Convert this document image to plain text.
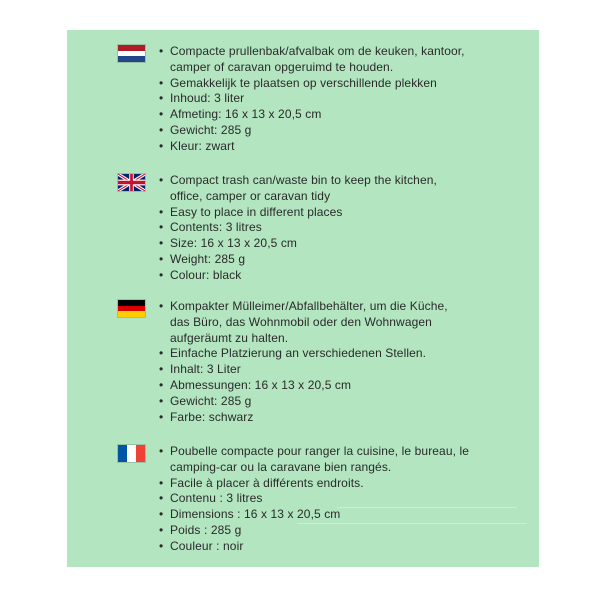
• Compacte prullenbak/afvalbak om de keuken, kantoor,
camper of caravan opgeruimd te houden.
• Gemakkelijk te plaatsen op verschillende plekken
• Inhoud: 3 liter
• Afmeting: 16 x 13 x 20,5 cm
• Gewicht: 285 g
• Kleur: zwart
• Compact trash can/waste bin to keep the kitchen,
office, camper or caravan tidy
• Easy to place in different places
• Contents: 3 litres
• Size: 16 x 13 x 20,5 cm
• Weight: 285 g
• Colour: black
• Kompakter Mülleimer/Abfallbehälter, um die Küche,
das Büro, das Wohnmobil oder den Wohnwagen
aufgeräumt zu halten.
• Einfache Platzierung an verschiedenen Stellen.
• Inhalt: 3 Liter
• Abmessungen: 16 x 13 x 20,5 cm
• Gewicht: 285 g
• Farbe: schwarz
• Poubelle compacte pour ranger la cuisine, le bureau, le
camping-car ou la caravane bien rangés.
• Facile à placer à différents endroits.
• Contenu : 3 litres
• Dimensions : 16 x 13 x 20,5 cm
• Poids : 285 g
• Couleur : noir
